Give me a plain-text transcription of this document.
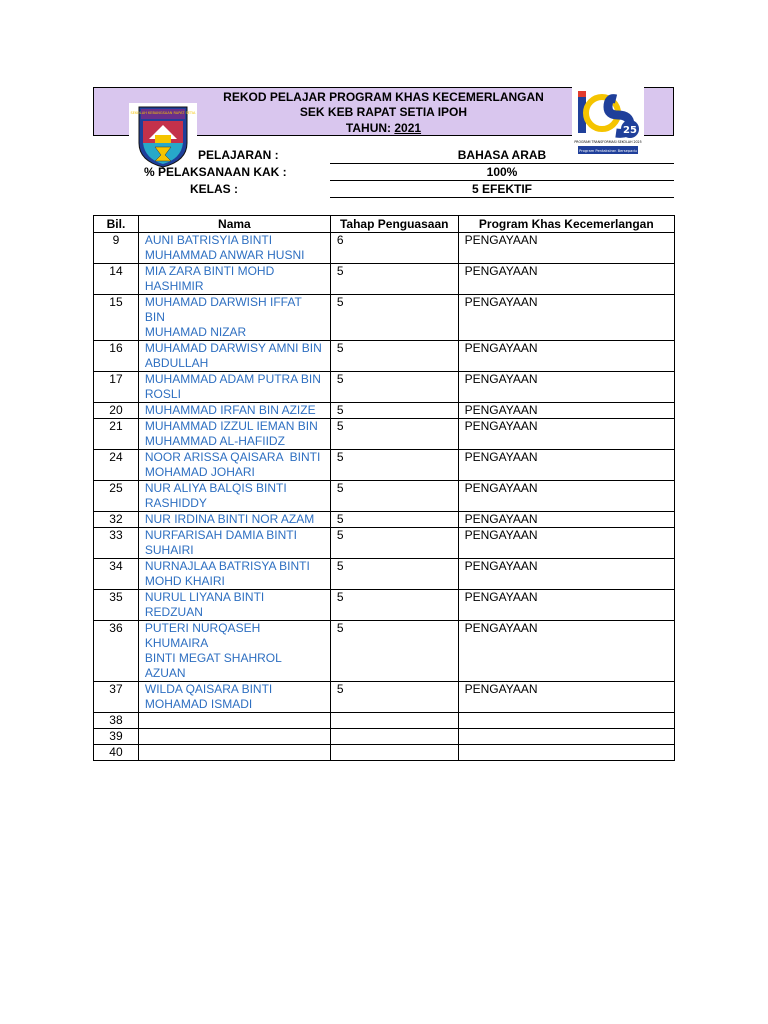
REKOD PELAJAR PROGRAM KHAS KECEMERLANGAN
SEK KEB RAPAT SETIA IPOH
TAHUN: 2021
SEKOLAH KEBANGSAAN RAPAT SETIA
25
PROGRAM TRANSFORMASI SEKOLAH 2025
Program Pentaksiran Bersepadu
PELAJARAN :	BAHASA ARAB
% PELAKSANAAN KAK :	100%
KELAS :	5 EFEKTIF
Bil.	Nama	Tahap Penguasaan	Program Khas Kecemerlangan
9	AUNI BATRISYIA BINTI
MUHAMMAD ANWAR HUSNI	6	PENGAYAAN
14	MIA ZARA BINTI MOHD
HASHIMIR	5	PENGAYAAN
15	MUHAMAD DARWISH IFFAT BIN
MUHAMAD NIZAR	5	PENGAYAAN
16	MUHAMAD DARWISY AMNI BIN
ABDULLAH	5	PENGAYAAN
17	MUHAMMAD ADAM PUTRA BIN
ROSLI	5	PENGAYAAN
20	MUHAMMAD IRFAN BIN AZIZE	5	PENGAYAAN
21	MUHAMMAD IZZUL IEMAN BIN
MUHAMMAD AL-HAFIIDZ	5	PENGAYAAN
24	NOOR ARISSA QAISARA  BINTI
MOHAMAD JOHARI	5	PENGAYAAN
25	NUR ALIYA BALQIS BINTI
RASHIDDY	5	PENGAYAAN
32	NUR IRDINA BINTI NOR AZAM	5	PENGAYAAN
33	NURFARISAH DAMIA BINTI
SUHAIRI	5	PENGAYAAN
34	NURNAJLAA BATRISYA BINTI
MOHD KHAIRI	5	PENGAYAAN
35	NURUL LIYANA BINTI REDZUAN	5	PENGAYAAN
36	PUTERI NURQASEH KHUMAIRA
BINTI MEGAT SHAHROL AZUAN	5	PENGAYAAN
37	WILDA QAISARA BINTI
MOHAMAD ISMADI	5	PENGAYAAN
38			
39			
40			
